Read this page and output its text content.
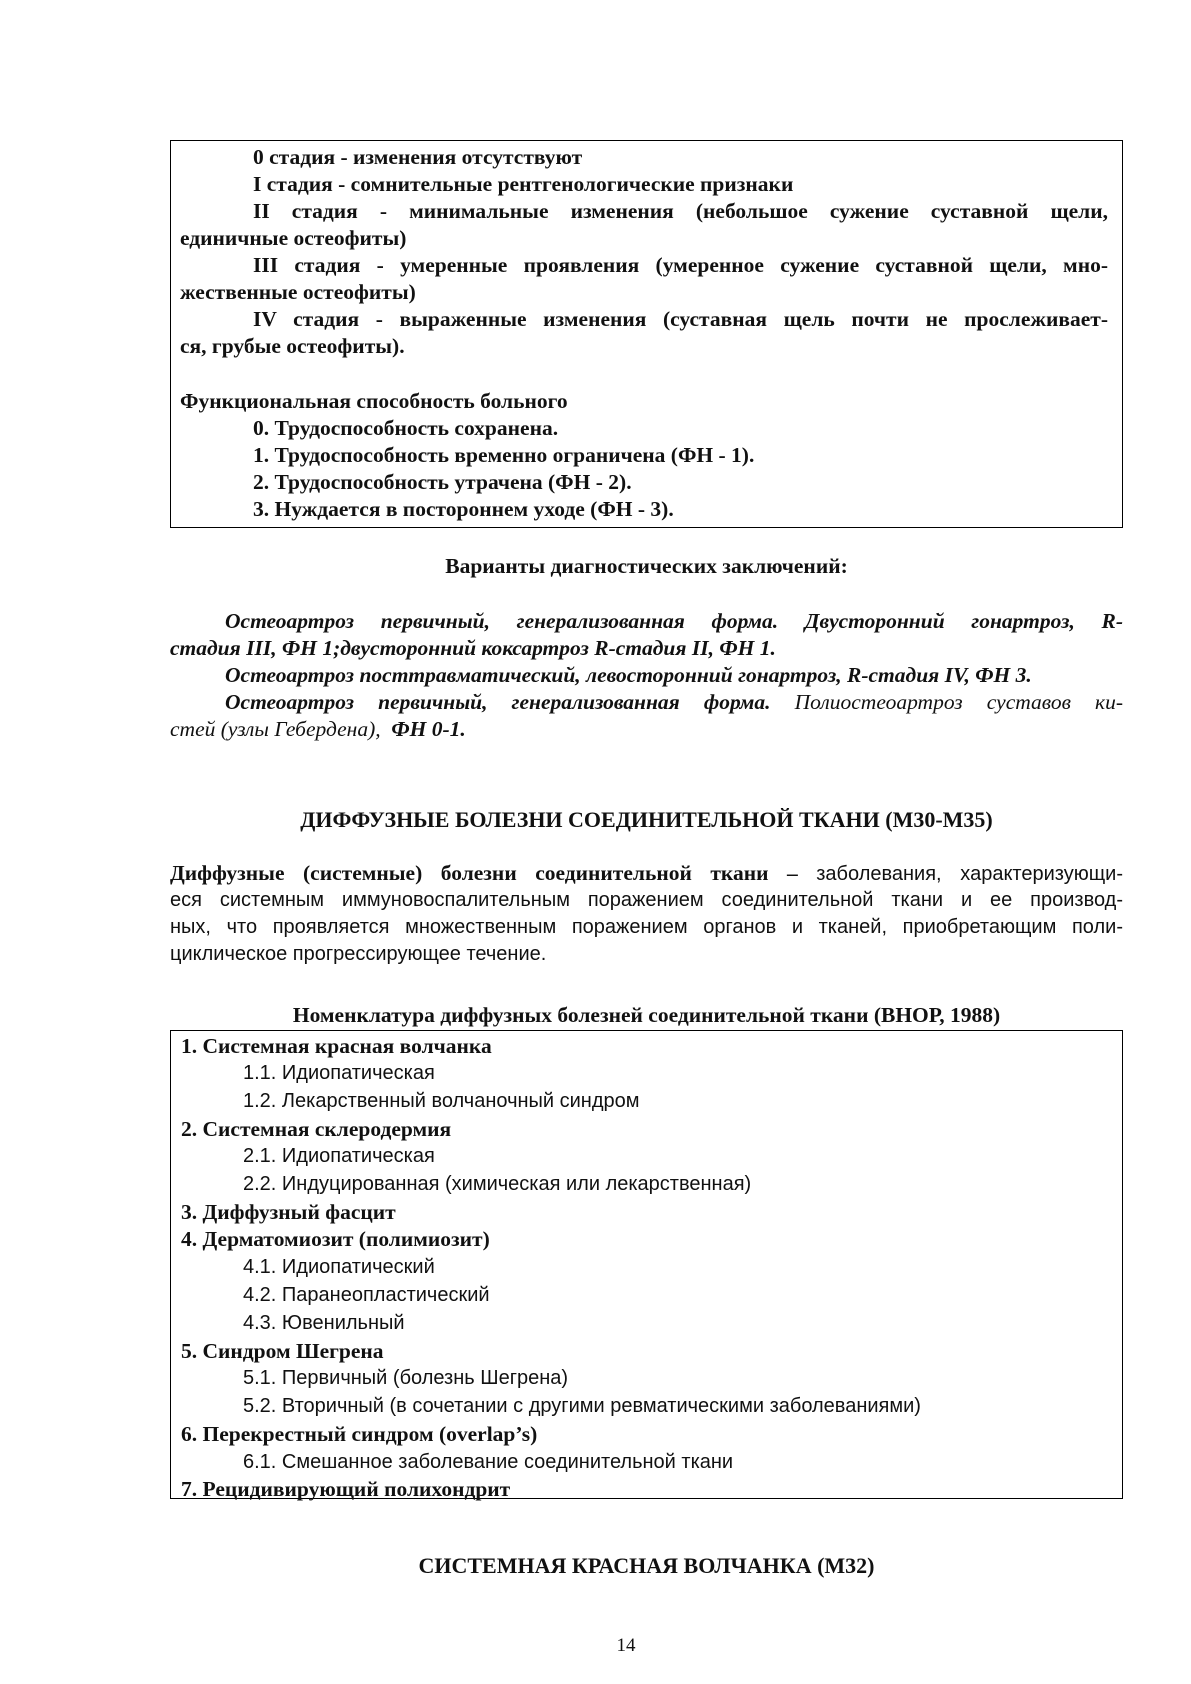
0 стадия - изменения отсутствуют
I стадия - сомнительные рентгенологические признаки
II стадия - минимальные изменения (небольшое сужение суставной щели,
единичные остеофиты)
III стадия - умеренные проявления (умеренное сужение суставной щели, мно-
жественные остеофиты)
IV стадия - выраженные изменения (суставная щель почти не прослеживает-
ся, грубые остеофиты).
Функциональная способность больного
0. Трудоспособность сохранена.
1. Трудоспособность временно ограничена (ФН - 1).
2. Трудоспособность утрачена (ФН - 2).
3. Нуждается в постороннем уходе (ФН - 3).
Варианты диагностических заключений:
Остеоартроз первичный, генерализованная форма. Двусторонний гонартроз, R-
стадия III, ФН 1;двусторонний коксартроз R-стадия II, ФН 1.
Остеоартроз посттравматический, левосторонний гонартроз, R-стадия IV, ФН 3.
Остеоартроз первичный, генерализованная форма. Полиостеоартроз суставов ки-
стей (узлы Гебердена), ФН 0-1.
ДИФФУЗНЫЕ БОЛЕЗНИ СОЕДИНИТЕЛЬНОЙ ТКАНИ (М30-М35)
Диффузные (системные) болезни соединительной ткани – заболевания, характеризующи-
еся системным иммуновоспалительным поражением соединительной ткани и ее производ-
ных, что проявляется множественным поражением органов и тканей, приобретающим поли-
циклическое прогрессирующее течение.
Номенклатура диффузных болезней соединительной ткани (ВНОР, 1988)
1. Системная красная волчанка
1.1. Идиопатическая
1.2. Лекарственный волчаночный синдром
2. Системная склеродермия
2.1. Идиопатическая
2.2. Индуцированная (химическая или лекарственная)
3. Диффузный фасцит
4. Дерматомиозит (полимиозит)
4.1. Идиопатический
4.2. Паранеопластический
4.3. Ювенильный
5. Синдром Шегрена
5.1. Первичный (болезнь Шегрена)
5.2. Вторичный (в сочетании с другими ревматическими заболеваниями)
6. Перекрестный синдром (overlap’s)
6.1. Смешанное заболевание соединительной ткани
7. Рецидивирующий полихондрит
СИСТЕМНАЯ КРАСНАЯ ВОЛЧАНКА (М32)
14
